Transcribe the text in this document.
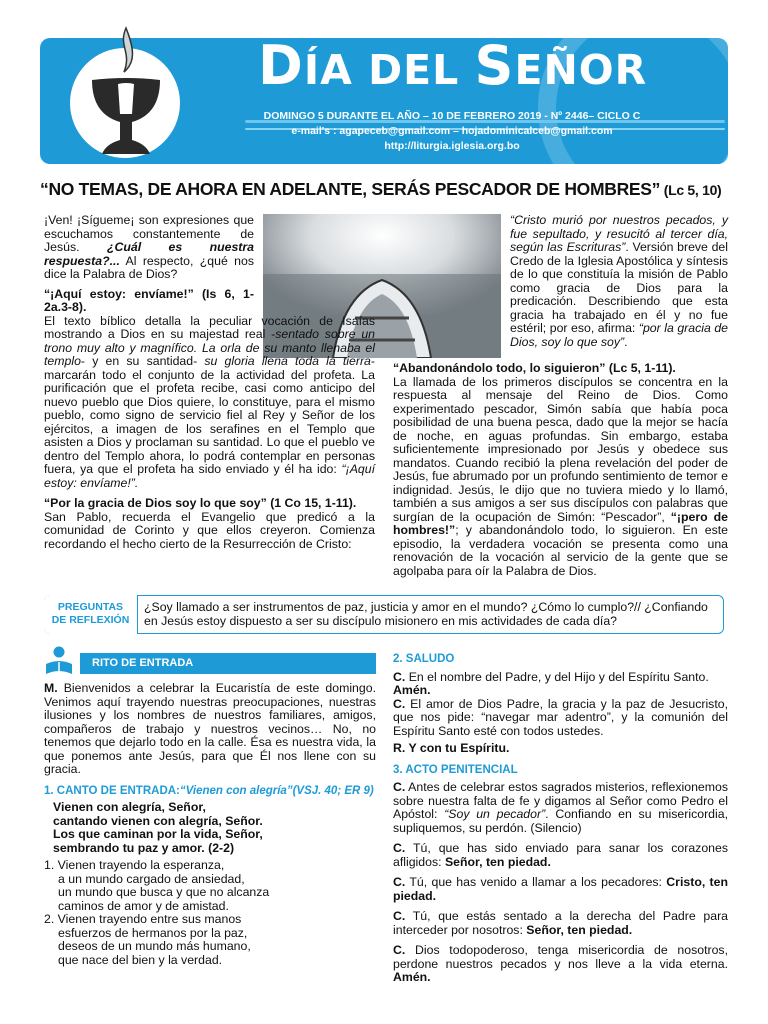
DÍA DEL SEÑOR
DOMINGO 5 DURANTE EL AÑO – 10 DE FEBRERO 2019 - Nº 2446– CICLO C
e-mail's : agapeceb@gmail.com – hojadominicalceb@gmail.com
http://liturgia.iglesia.org.bo
“NO TEMAS, DE AHORA EN ADELANTE, SERÁS PESCADOR DE HOMBRES” (Lc 5, 10)

¡Ven! ¡Sígueme¡ son expresiones que escuchamos constantemente de Jesús. ¿Cuál es nuestra respuesta?... Al respecto, ¿qué nos dice la Palabra de Dios?

“¡Aquí estoy: envíame!” (Is 6, 1-2a.3-8).

El texto bíblico detalla la peculiar vocación de Isaías mostrando a Dios en su majestad real -sentado sobre un trono muy alto y magnífico. La orla de su manto llenaba el templo- y en su santidad- su gloria llena toda la tierra- marcarán todo el conjunto de la actividad del profeta. La purificación que el profeta recibe, casi como anticipo del nuevo pueblo que Dios quiere, lo constituye, para el mismo pueblo, como signo de servicio fiel al Rey y Señor de los ejércitos, a imagen de los serafines en el Templo que asisten a Dios y proclaman su santidad. Lo que el pueblo ve dentro del Templo ahora, lo podrá contemplar en personas fuera, ya que el profeta ha sido enviado y él ha ido: “¡Aquí estoy: envíame!”.

“Por la gracia de Dios soy lo que soy” (1 Co 15, 1-11).

San Pablo, recuerda el Evangelio que predicó a la comunidad de Corinto y que ellos creyeron. Comienza recordando el hecho cierto de la Resurrección de Cristo:

“Cristo murió por nuestros pecados, y fue sepultado, y resucitó al tercer día, según las Escrituras”. Versión breve del Credo de la Iglesia Apostólica y síntesis de lo que constituía la misión de Pablo como gracia de Dios para la predicación. Describiendo que esta gracia ha trabajado en él y no fue estéril; por eso, afirma: “por la gracia de Dios, soy lo que soy”.

“Abandonándolo todo, lo siguieron” (Lc 5, 1-11).

La llamada de los primeros discípulos se concentra en la respuesta al mensaje del Reino de Dios. Como experimentado pescador, Simón sabía que había poca posibilidad de una buena pesca, dado que la mejor se hacía de noche, en aguas profundas. Sin embargo, estaba suficientemente impresionado por Jesús y obedece sus mandatos. Cuando recibió la plena revelación del poder de Jesús, fue abrumado por un profundo sentimiento de temor e indignidad. Jesús, le dijo que no tuviera miedo y lo llamó, también a sus amigos a ser sus discípulos con palabras que surgían de la ocupación de Simón: “Pescador”, “¡pero de hombres!”; y abandonándolo todo, lo siguieron. En este episodio, la verdadera vocación se presenta como una renovación de la vocación al servicio de la gente que se agolpaba para oír la Palabra de Dios.

PREGUNTAS
DE REFLEXIÓN
¿Soy llamado a ser instrumentos de paz, justicia y amor en el mundo? ¿Cómo lo cumplo?// ¿Confiando en Jesús estoy dispuesto a ser su discípulo misionero en mis actividades de cada día?
RITO DE ENTRADA

M. Bienvenidos a celebrar la Eucaristía de este domingo. Venimos aquí trayendo nuestras preocupaciones, nuestras ilusiones y los nombres de nuestros familiares, amigos, compañeros de trabajo y nuestros vecinos… No, no tenemos que dejarlo todo en la calle. Ésa es nuestra vida, la que ponemos ante Jesús, para que Él nos llene con su gracia.

1. CANTO DE ENTRADA:“Vienen con alegría”(VSJ. 40; ER 9)

Vienen con alegría, Señor,
cantando vienen con alegría, Señor.
Los que caminan por la vida, Señor,
sembrando tu paz y amor. (2-2)
1. Vienen trayendo la esperanza,
a un mundo cargado de ansiedad,
un mundo que busca y que no alcanza
caminos de amor y de amistad.
2. Vienen trayendo entre sus manos
esfuerzos de hermanos por la paz,
deseos de un mundo más humano,
que nace del bien y la verdad.

2. SALUDO

C. En el nombre del Padre, y del Hijo y del Espíritu Santo.
Amén.

C. El amor de Dios Padre, la gracia y la paz de Jesucristo, que nos pide: “navegar mar adentro”, y la comunión del Espíritu Santo esté con todos ustedes.

R. Y con tu Espíritu.

3. ACTO PENITENCIAL

C. Antes de celebrar estos sagrados misterios, reflexionemos sobre nuestra falta de fe y digamos al Señor como Pedro el Apóstol: “Soy un pecador”. Confiando en su misericordia, supliquemos, su perdón. (Silencio)

C. Tú, que has sido enviado para sanar los corazones afligidos: Señor, ten piedad.

C. Tú, que has venido a llamar a los pecadores: Cristo, ten piedad.

C. Tú, que estás sentado a la derecha del Padre para interceder por nosotros: Señor, ten piedad.

C. Dios todopoderoso, tenga misericordia de nosotros, perdone nuestros pecados y nos lleve a la vida eterna. Amén.
